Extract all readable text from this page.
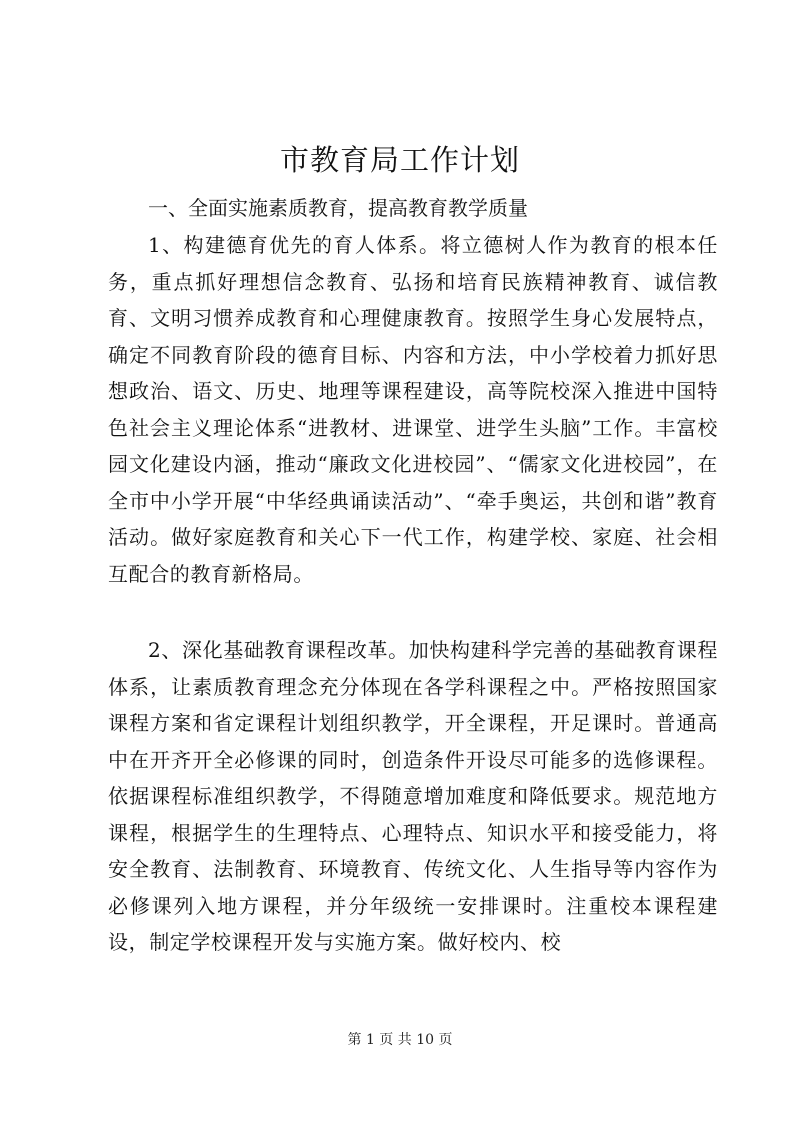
市教育局工作计划

一、全面实施素质教育，提高教育教学质量

1、构建德育优先的育人体系。将立德树人作为教育的根本任务，重点抓好理想信念教育、弘扬和培育民族精神教育、诚信教育、文明习惯养成教育和心理健康教育。按照学生身心发展特点，确定不同教育阶段的德育目标、内容和方法，中小学校着力抓好思想政治、语文、历史、地理等课程建设，高等院校深入推进中国特色社会主义理论体系“进教材、进课堂、进学生头脑”工作。丰富校园文化建设内涵，推动“廉政文化进校园”、“儒家文化进校园”，在全市中小学开展“中华经典诵读活动”、“牵手奥运，共创和谐”教育活动。做好家庭教育和关心下一代工作，构建学校、家庭、社会相互配合的教育新格局。

2、深化基础教育课程改革。加快构建科学完善的基础教育课程体系，让素质教育理念充分体现在各学科课程之中。严格按照国家课程方案和省定课程计划组织教学，开全课程，开足课时。普通高中在开齐开全必修课的同时，创造条件开设尽可能多的选修课程。依据课程标准组织教学，不得随意增加难度和降低要求。规范地方课程，根据学生的生理特点、心理特点、知识水平和接受能力，将安全教育、法制教育、环境教育、传统文化、人生指导等内容作为必修课列入地方课程，并分年级统一安排课时。注重校本课程建设，制定学校课程开发与实施方案。做好校内、校

第 1 页 共 10 页
